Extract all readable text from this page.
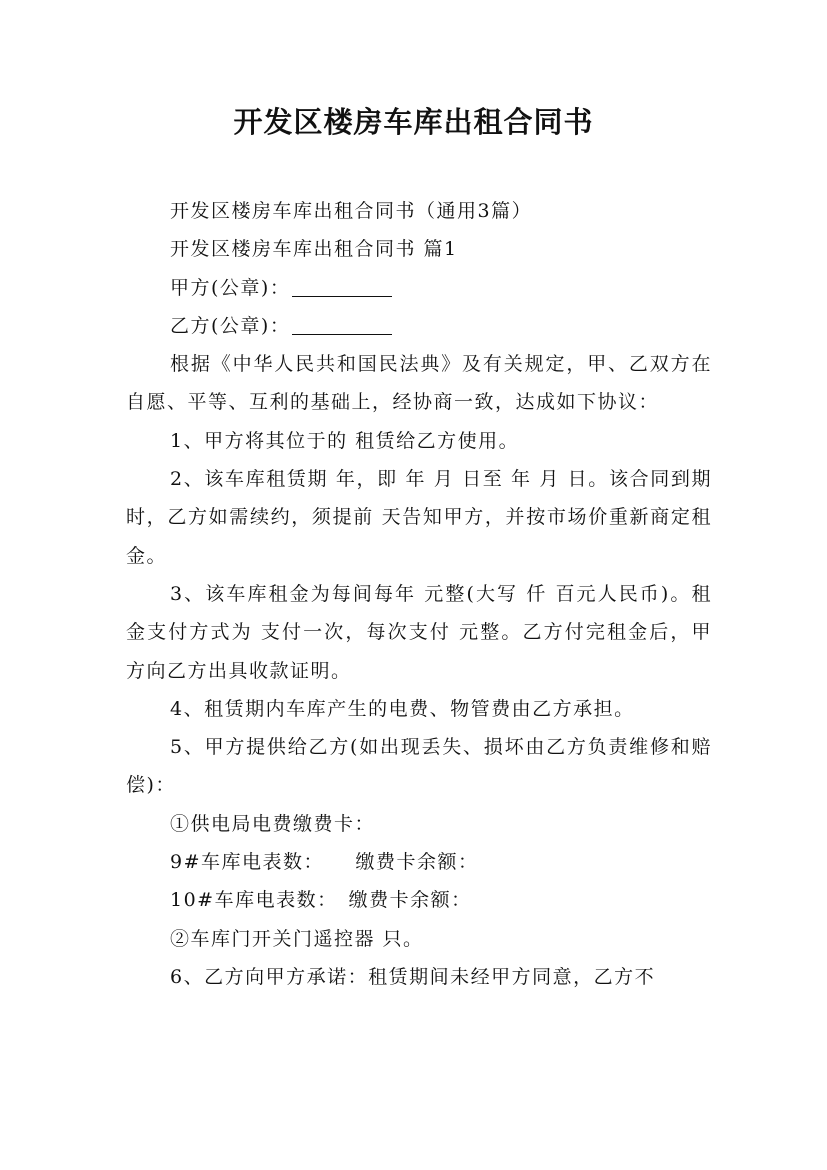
开发区楼房车库出租合同书

开发区楼房车库出租合同书（通用3篇）

开发区楼房车库出租合同书 篇1

甲方(公章)：

乙方(公章)：

根据《中华人民共和国民法典》及有关规定，甲、乙双方在自愿、平等、互利的基础上，经协商一致，达成如下协议：

1、甲方将其位于的 租赁给乙方使用。

2、该车库租赁期 年，即 年 月 日至 年 月 日。该合同到期时，乙方如需续约，须提前 天告知甲方，并按市场价重新商定租金。

3、该车库租金为每间每年 元整(大写 仟 百元人民币)。租金支付方式为 支付一次，每次支付 元整。乙方付完租金后，甲方向乙方出具收款证明。

4、租赁期内车库产生的电费、物管费由乙方承担。

5、甲方提供给乙方(如出现丢失、损坏由乙方负责维修和赔偿)：

①供电局电费缴费卡：

9#车库电表数：　　缴费卡余额：

10#车库电表数：　缴费卡余额：

②车库门开关门遥控器 只。

6、乙方向甲方承诺：租赁期间未经甲方同意，乙方不
